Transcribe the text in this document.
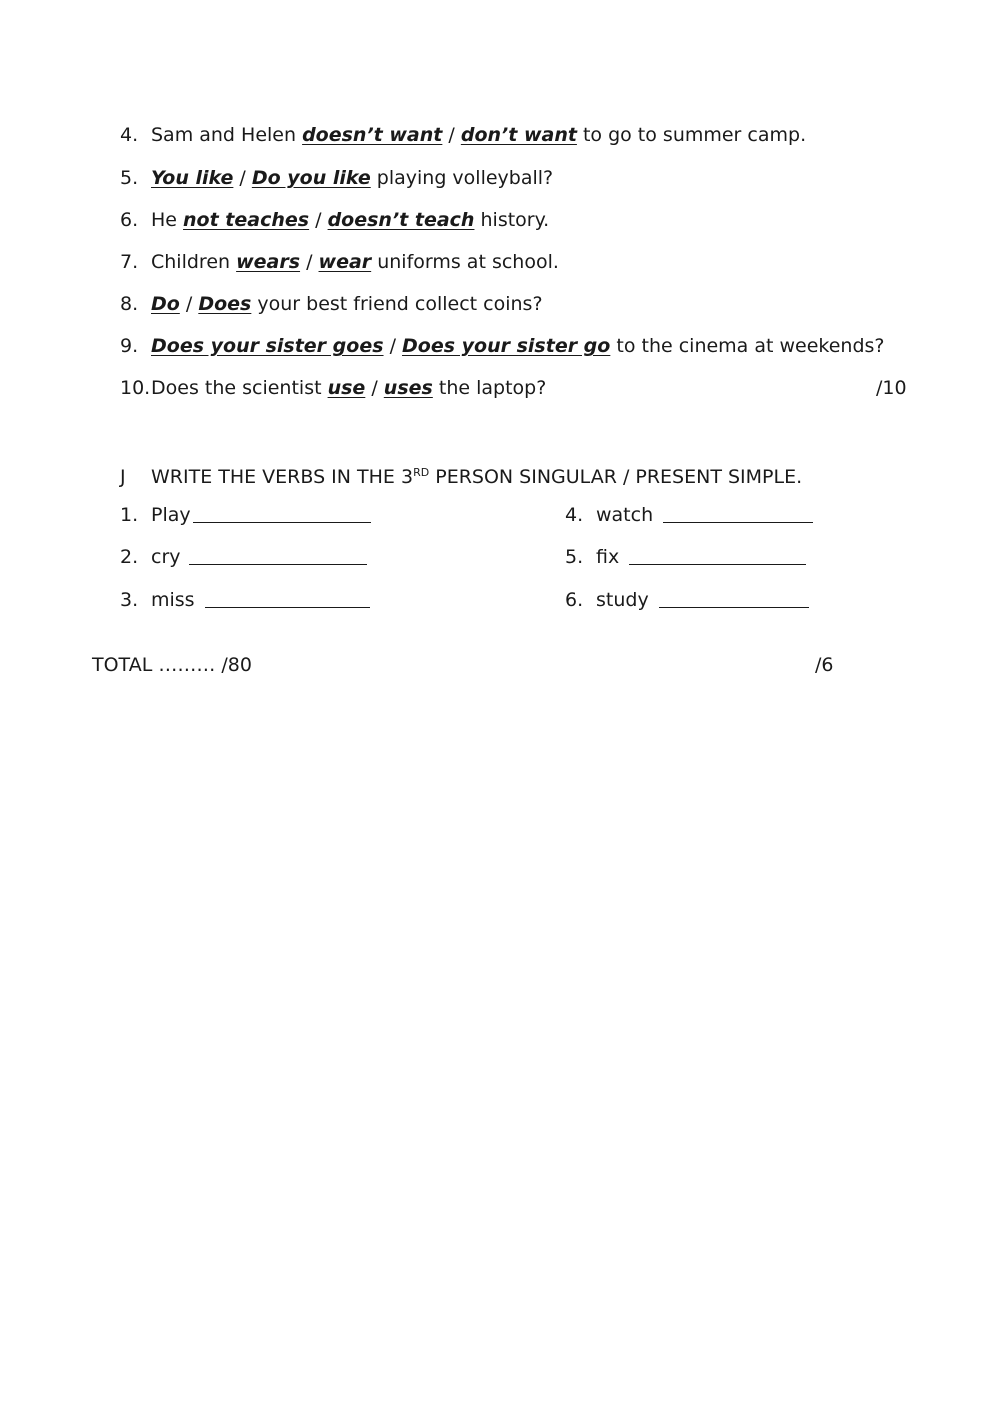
4. Sam and Helen doesn’t want / don’t want to go to summer camp.
5. You like / Do you like playing volleyball?
6. He not teaches / doesn’t teach history.
7. Children wears / wear uniforms at school.
8. Do / Does your best friend collect coins?
9. Does your sister goes / Does your sister go to the cinema at weekends?
10.Does the scientist use / uses the laptop?	/10
J WRITE THE VERBS IN THE 3RD PERSON SINGULAR / PRESENT SIMPLE.
1. Play
2. cry
3. miss
4. watch
5. fix
6. study
TOTAL ……… /80	/6
